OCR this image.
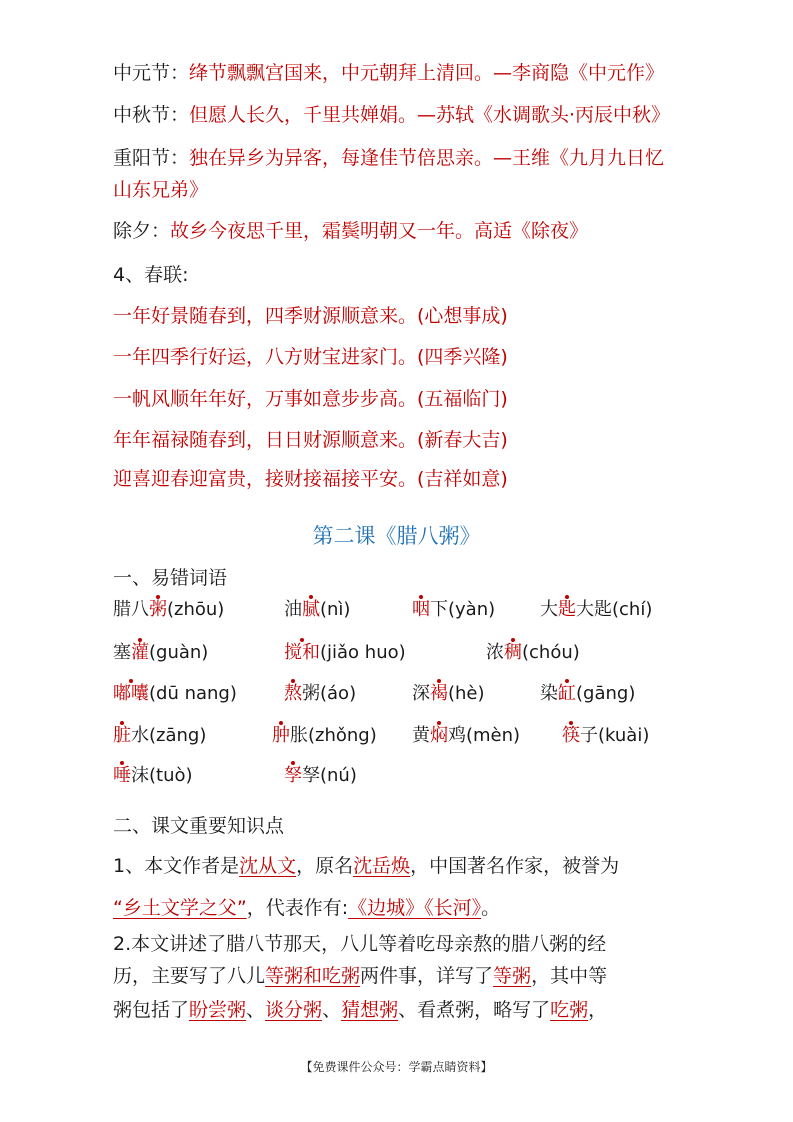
中元节：绛节飘飘宫国来，中元朝拜上清回。—李商隐《中元作》
中秋节：但愿人长久，千里共婵娟。—苏轼《水调歌头·丙辰中秋》
重阳节：独在异乡为异客，每逢佳节倍思亲。—王维《九月九日忆
山东兄弟》
除夕：故乡今夜思千里，霜鬓明朝又一年。高适《除夜》
4、春联:
一年好景随春到，四季财源顺意来。(心想事成)
一年四季行好运，八方财宝进家门。(四季兴隆)
一帆风顺年年好，万事如意步步高。(五福临门)
年年福禄随春到，日日财源顺意来。(新春大吉)
迎喜迎春迎富贵，接财接福接平安。(吉祥如意)
第二课《腊八粥》
一、易错词语
腊八粥(zhōu)	油腻(nì)	咽下(yàn) 大匙大匙(chí)
塞灌(guàn)	搅和(jiǎo huo)	浓稠(chóu)
嘟囔(dū nang)	熬粥(áo)	深褐(hè)	染缸(gāng)
脏水(zāng)	肿胀(zhǒng) 黄焖鸡(mèn) 筷子(kuài)
唾沫(tuò)	孥孥(nú)
二、课文重要知识点
1、本文作者是沈从文，原名沈岳焕，中国著名作家，被誉为
“乡土文学之父”，代表作有:《边城》《长河》。
2.本文讲述了腊八节那天，八儿等着吃母亲熬的腊八粥的经
历，主要写了八儿等粥和吃粥两件事，详写了等粥，其中等
粥包括了盼尝粥、谈分粥、猜想粥、看煮粥，略写了吃粥，
【免费课件公众号：学霸点睛资料】
